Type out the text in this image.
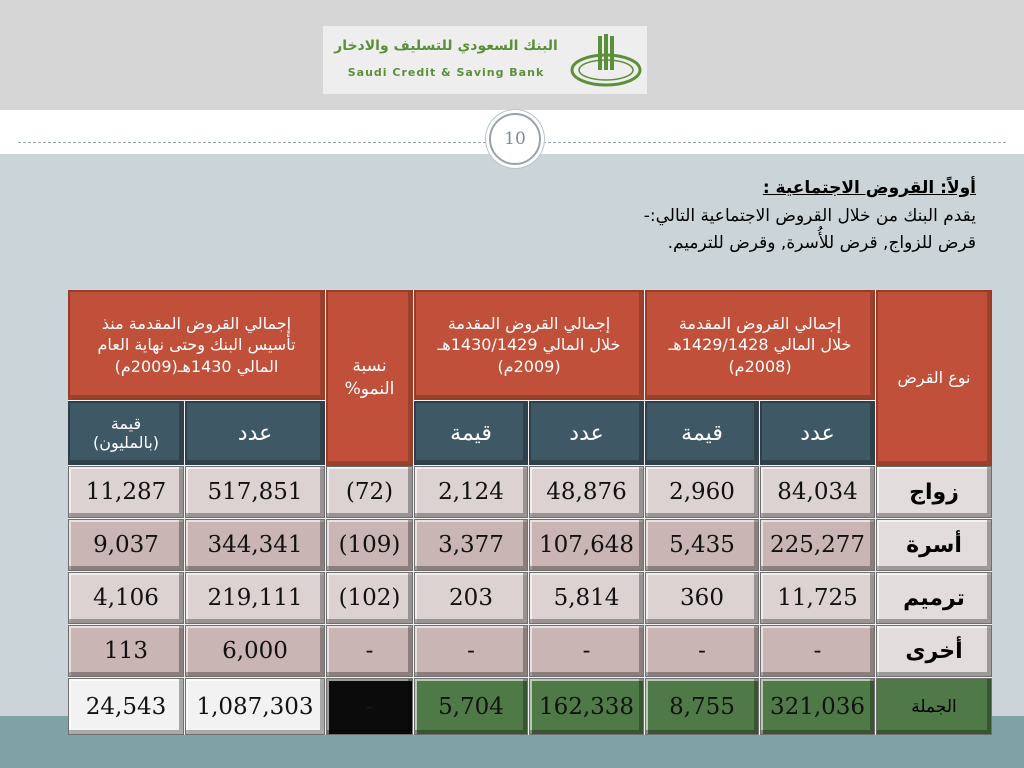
البنك السعودي للتسليف والادخار
Saudi Credit & Saving Bank
10
أولاً: القروض الاجتماعية :
يقدم البنك من خلال القروض الاجتماعية التالي:-
قرض للزواج, قرض للأُسرة, وقرض للترميم.
نوع القرض
إجمالي القروض المقدمة خلال المالي 1429/1428هـ (2008م)
إجمالي القروض المقدمة خلال المالي 1430/1429هـ (2009م)
نسبة النمو%
إجمالي القروض المقدمة منذ تأسيس البنك وحتى نهاية العام المالي 1430هـ(2009م)
عدد
قيمة
عدد
قيمة
عدد
قيمة (بالمليون)
زواج
84,034
2,960
48,876
2,124
(72)
517,851
11,287
أسرة
225,277
5,435
107,648
3,377
(109)
344,341
9,037
ترميم
11,725
360
5,814
203
(102)
219,111
4,106
أخرى
-
-
-
-
-
6,000
113
الجملة
321,036
8,755
162,338
5,704
-
1,087,303
24,543
